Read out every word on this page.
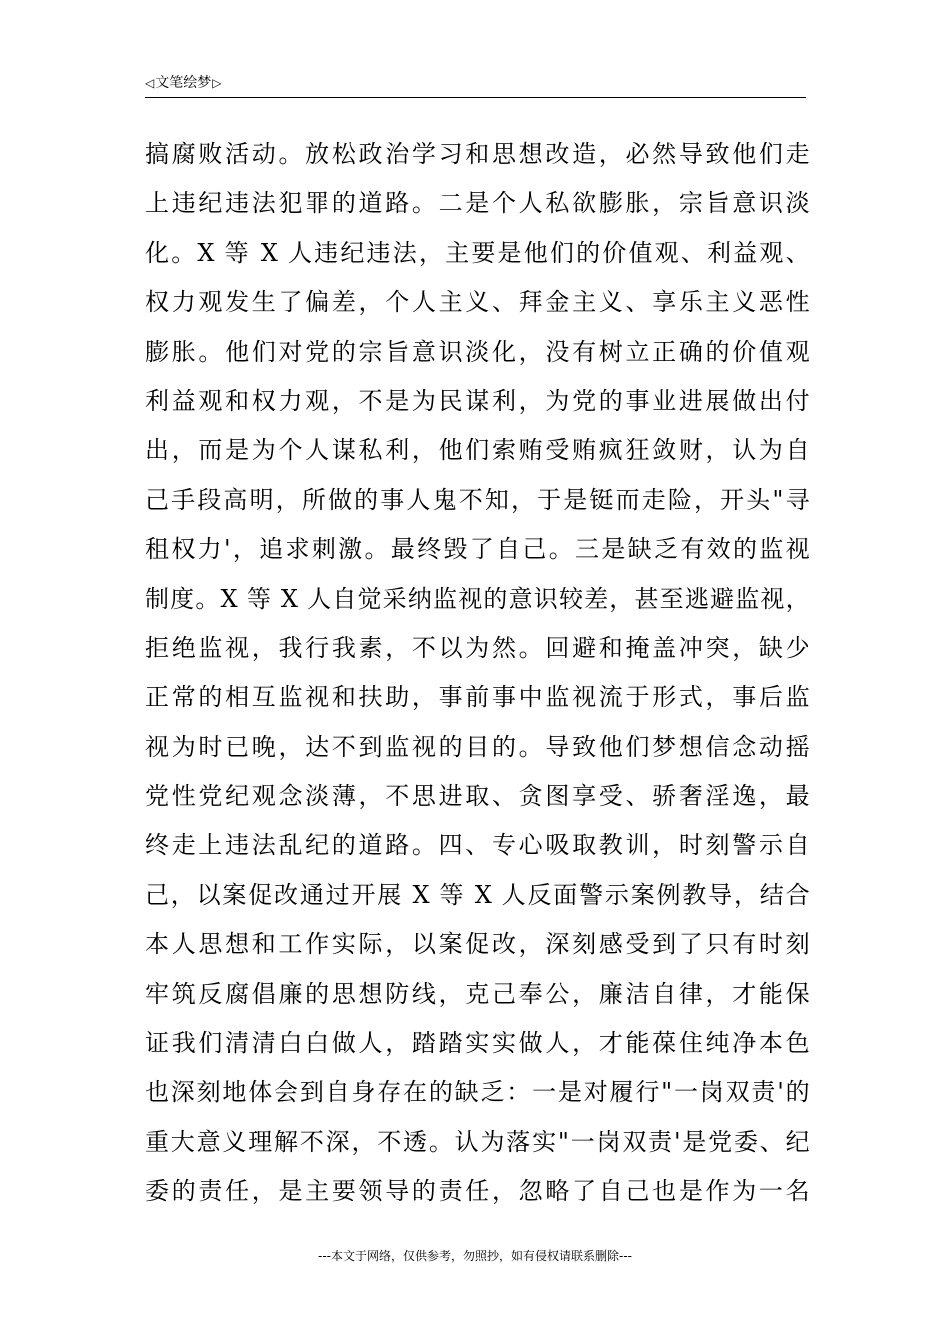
◁ 文笔绘梦 ▷
搞腐败活动。放松政治学习和思想改造，必然导致他们走
上违纪违法犯罪的道路。二是个人私欲膨胀，宗旨意识淡
化。X 等 X 人违纪违法，主要是他们的价值观、利益观、
权力观发生了偏差，个人主义、拜金主义、享乐主义恶性
膨胀。他们对党的宗旨意识淡化，没有树立正确的价值观
利益观和权力观，不是为民谋利，为党的事业进展做出付
出，而是为个人谋私利，他们索贿受贿疯狂敛财，认为自
己手段高明，所做的事人鬼不知，于是铤而走险，开头"寻
租权力'，追求刺激。最终毁了自己。三是缺乏有效的监视
制度。X 等 X 人自觉采纳监视的意识较差，甚至逃避监视，
拒绝监视，我行我素，不以为然。回避和掩盖冲突，缺少
正常的相互监视和扶助，事前事中监视流于形式，事后监
视为时已晚，达不到监视的目的。导致他们梦想信念动摇
党性党纪观念淡薄，不思进取、贪图享受、骄奢淫逸，最
终走上违法乱纪的道路。四、专心吸取教训，时刻警示自
己，以案促改通过开展 X 等 X 人反面警示案例教导，结合
本人思想和工作实际，以案促改，深刻感受到了只有时刻
牢筑反腐倡廉的思想防线，克己奉公，廉洁自律，才能保
证我们清清白白做人，踏踏实实做人，才能葆住纯净本色
也深刻地体会到自身存在的缺乏：一是对履行"一岗双责'的
重大意义理解不深，不透。认为落实"一岗双责'是党委、纪
委的责任，是主要领导的责任，忽略了自己也是作为一名
---本文于网络，仅供参考，勿照抄，如有侵权请联系删除---
